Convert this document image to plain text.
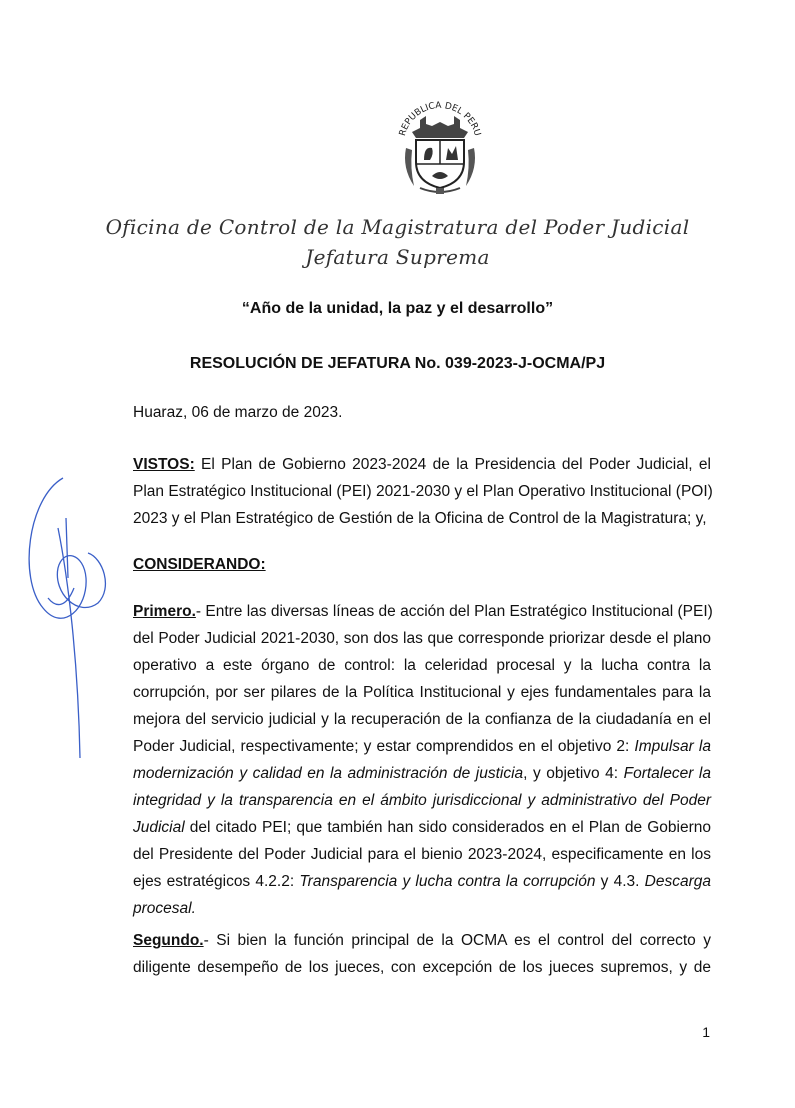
REPUBLICA DEL PERU
Oficina de Control de la Magistratura del Poder Judicial
Jefatura Suprema
“Año de la unidad, la paz y el desarrollo”
RESOLUCIÓN DE JEFATURA No. 039-2023-J-OCMA/PJ
Huaraz, 06 de marzo de 2023.
VISTOS: El Plan de Gobierno 2023-2024 de la Presidencia del Poder Judicial, el
Plan Estratégico Institucional (PEI) 2021-2030 y el Plan Operativo Institucional (POI)
2023 y el Plan Estratégico de Gestión de la Oficina de Control de la Magistratura; y,
CONSIDERANDO:
Primero.- Entre las diversas líneas de acción del Plan Estratégico Institucional (PEI)
del Poder Judicial 2021-2030, son dos las que corresponde priorizar desde el plano
operativo a este órgano de control: la celeridad procesal y la lucha contra la
corrupción, por ser pilares de la Política Institucional y ejes fundamentales para la
mejora del servicio judicial y la recuperación de la confianza de la ciudadanía en el
Poder Judicial, respectivamente; y estar comprendidos en el objetivo 2: Impulsar la
modernización y calidad en la administración de justicia, y objetivo 4: Fortalecer la
integridad y la transparencia en el ámbito jurisdiccional y administrativo del Poder
Judicial del citado PEI; que también han sido considerados en el Plan de Gobierno
del Presidente del Poder Judicial para el bienio 2023-2024, especificamente en los
ejes estratégicos 4.2.2: Transparencia y lucha contra la corrupción y 4.3. Descarga
procesal.
Segundo.- Si bien la función principal de la OCMA es el control del correcto y
diligente desempeño de los jueces, con excepción de los jueces supremos, y de
1
